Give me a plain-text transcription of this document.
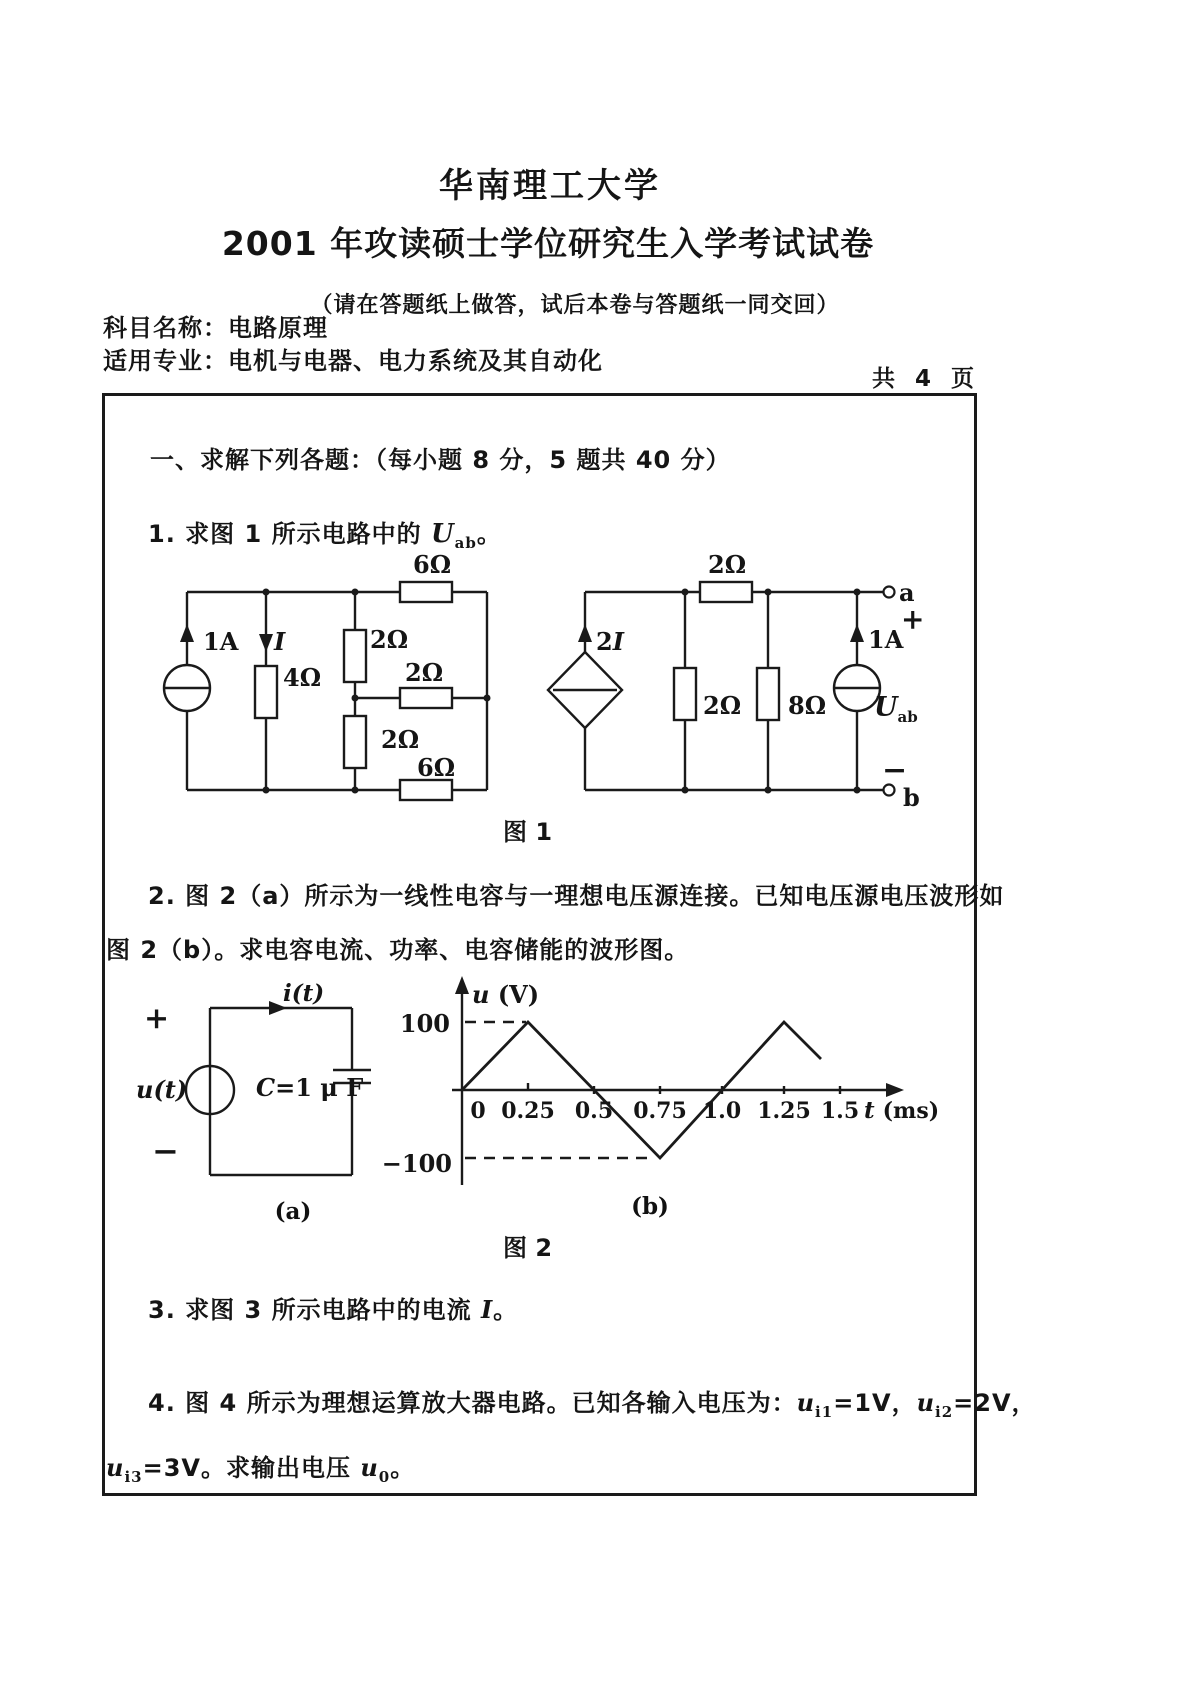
华南理工大学
2001 年攻读硕士学位研究生入学考试试卷
（请在答题纸上做答，试后本卷与答题纸一同交回）
科目名称：电路原理
适用专业：电机与电器、电力系统及其自动化
共 4 页
一、求解下列各题：（每小题 8 分，5 题共 40 分）
1. 求图 1 所示电路中的 $U_{ab}$。
1A I
4Ω
2Ω
2Ω
2Ω
6Ω
6Ω
2I
2Ω
2Ω 8Ω
1A
a
b
+
−
Uab
图 1
2. 图 2（a）所示为一线性电容与一理想电压源连接。已知电压源电压波形如
图 2（b）。求电容电流、功率、电容储能的波形图。
+
i(t)
u(t)	C=1 μ F
−
u (V)
100
−100
0 0.25 0.5 0.75 1.0 1.25 1.5 t (ms)
(a)	(b)
图 2
3. 求图 3 所示电路中的电流 I。
4. 图 4 所示为理想运算放大器电路。已知各输入电压为：$u_{i1}=1V$，$u_{i2}=2V$，
$u_{i3}=3V$。求输出电压 $u_0$。
